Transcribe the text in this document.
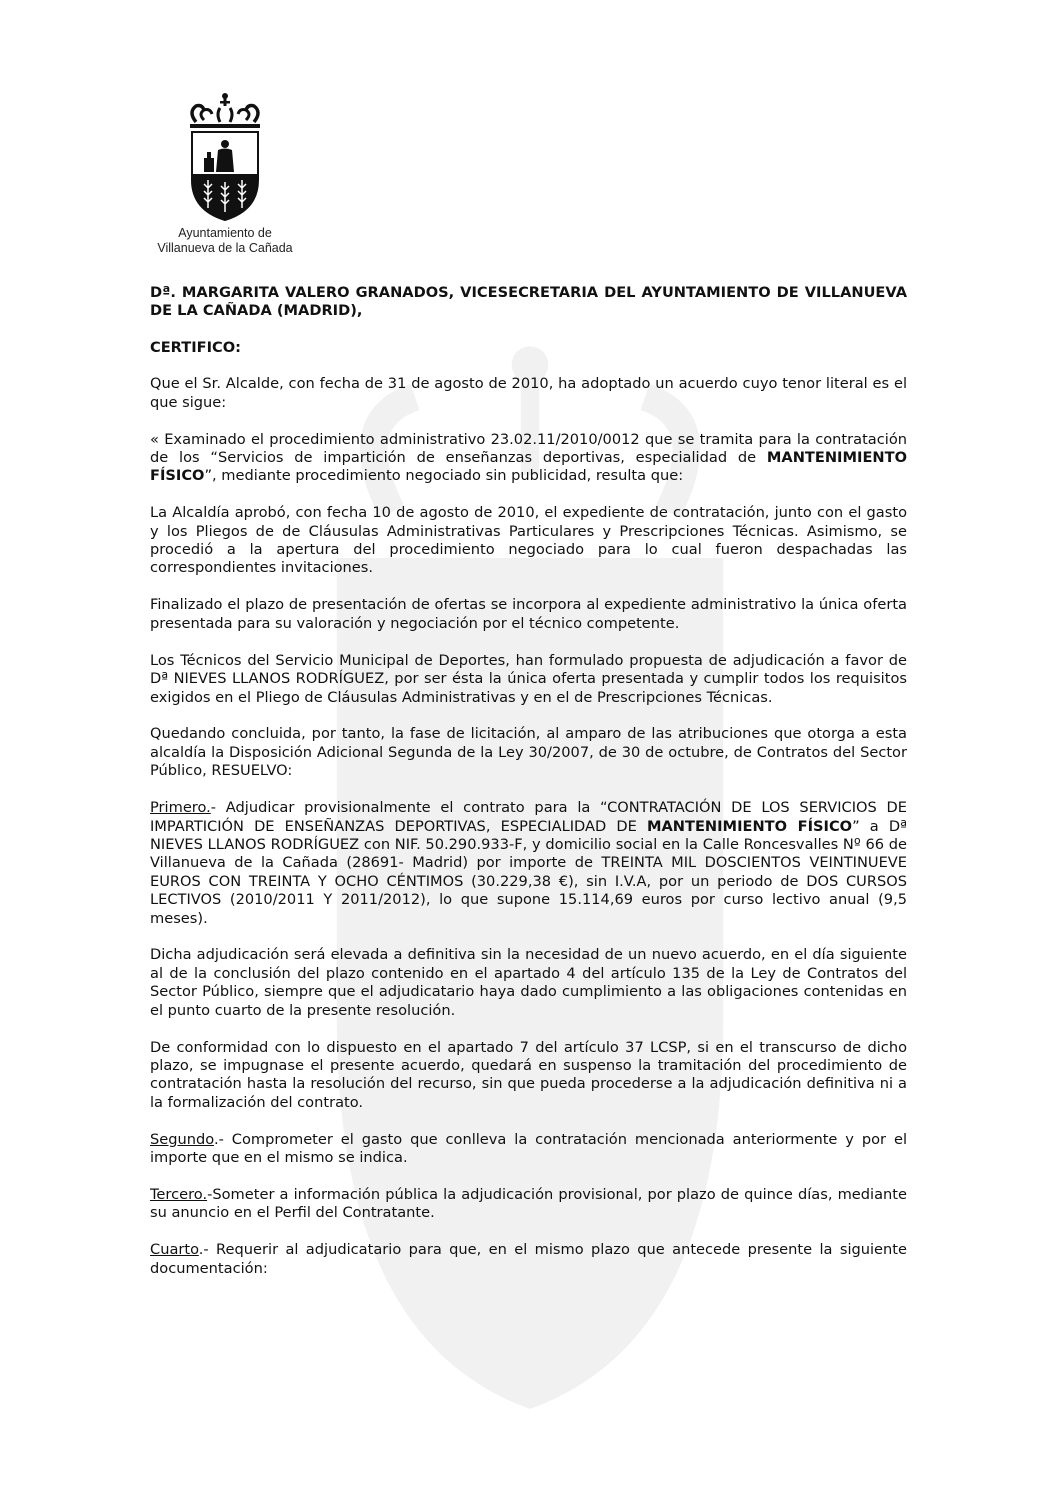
Ayuntamiento de
Villanueva de la Cañada
Dª. MARGARITA VALERO GRANADOS, VICESECRETARIA DEL AYUNTAMIENTO DE VILLANUEVA DE LA CAÑADA (MADRID),
CERTIFICO:

Que el Sr. Alcalde, con fecha de 31 de agosto de 2010, ha adoptado un acuerdo cuyo tenor literal es el que sigue:

« Examinado el procedimiento administrativo 23.02.11/2010/0012 que se tramita para la contratación de los “Servicios de impartición de enseñanzas deportivas, especialidad de MANTENIMIENTO FÍSICO”, mediante procedimiento negociado sin publicidad, resulta que:

La Alcaldía aprobó, con fecha 10 de agosto de 2010, el expediente de contratación, junto con el gasto y los Pliegos de de Cláusulas Administrativas Particulares y Prescripciones Técnicas. Asimismo, se procedió a la apertura del procedimiento negociado para lo cual fueron despachadas las correspondientes invitaciones.

Finalizado el plazo de presentación de ofertas se incorpora al expediente administrativo la única oferta presentada para su valoración y negociación por el técnico competente.

Los Técnicos del Servicio Municipal de Deportes, han formulado propuesta de adjudicación a favor de Dª NIEVES LLANOS RODRÍGUEZ, por ser ésta la única oferta presentada y cumplir todos los requisitos exigidos en el Pliego de Cláusulas Administrativas y en el de Prescripciones Técnicas.

Quedando concluida, por tanto, la fase de licitación, al amparo de las atribuciones que otorga a esta alcaldía la Disposición Adicional Segunda de la Ley 30/2007, de 30 de octubre, de Contratos del Sector Público, RESUELVO:

Primero.- Adjudicar provisionalmente el contrato para la “CONTRATACIÓN DE LOS SERVICIOS DE IMPARTICIÓN DE ENSEÑANZAS DEPORTIVAS, ESPECIALIDAD DE MANTENIMIENTO FÍSICO” a Dª NIEVES LLANOS RODRÍGUEZ con NIF. 50.290.933-F, y domicilio social en la Calle Roncesvalles Nº 66 de Villanueva de la Cañada (28691- Madrid) por importe de TREINTA MIL DOSCIENTOS VEINTINUEVE EUROS CON TREINTA Y OCHO CÉNTIMOS (30.229,38 €), sin I.V.A, por un periodo de DOS CURSOS LECTIVOS (2010/2011 Y 2011/2012), lo que supone 15.114,69 euros por curso lectivo anual (9,5 meses).

Dicha adjudicación será elevada a definitiva sin la necesidad de un nuevo acuerdo, en el día siguiente al de la conclusión del plazo contenido en el apartado 4 del artículo 135 de la Ley de Contratos del Sector Público, siempre que el adjudicatario haya dado cumplimiento a las obligaciones contenidas en el punto cuarto de la presente resolución.

De conformidad con lo dispuesto en el apartado 7 del artículo 37 LCSP, si en el transcurso de dicho plazo, se impugnase el presente acuerdo, quedará en suspenso la tramitación del procedimiento de contratación hasta la resolución del recurso, sin que pueda procederse a la adjudicación definitiva ni a la formalización del contrato.

Segundo.- Comprometer el gasto que conlleva la contratación mencionada anteriormente y por el importe que en el mismo se indica.

Tercero.-Someter a información pública la adjudicación provisional, por plazo de quince días, mediante su anuncio en el Perfil del Contratante.

Cuarto.- Requerir al adjudicatario para que, en el mismo plazo que antecede presente la siguiente documentación:
